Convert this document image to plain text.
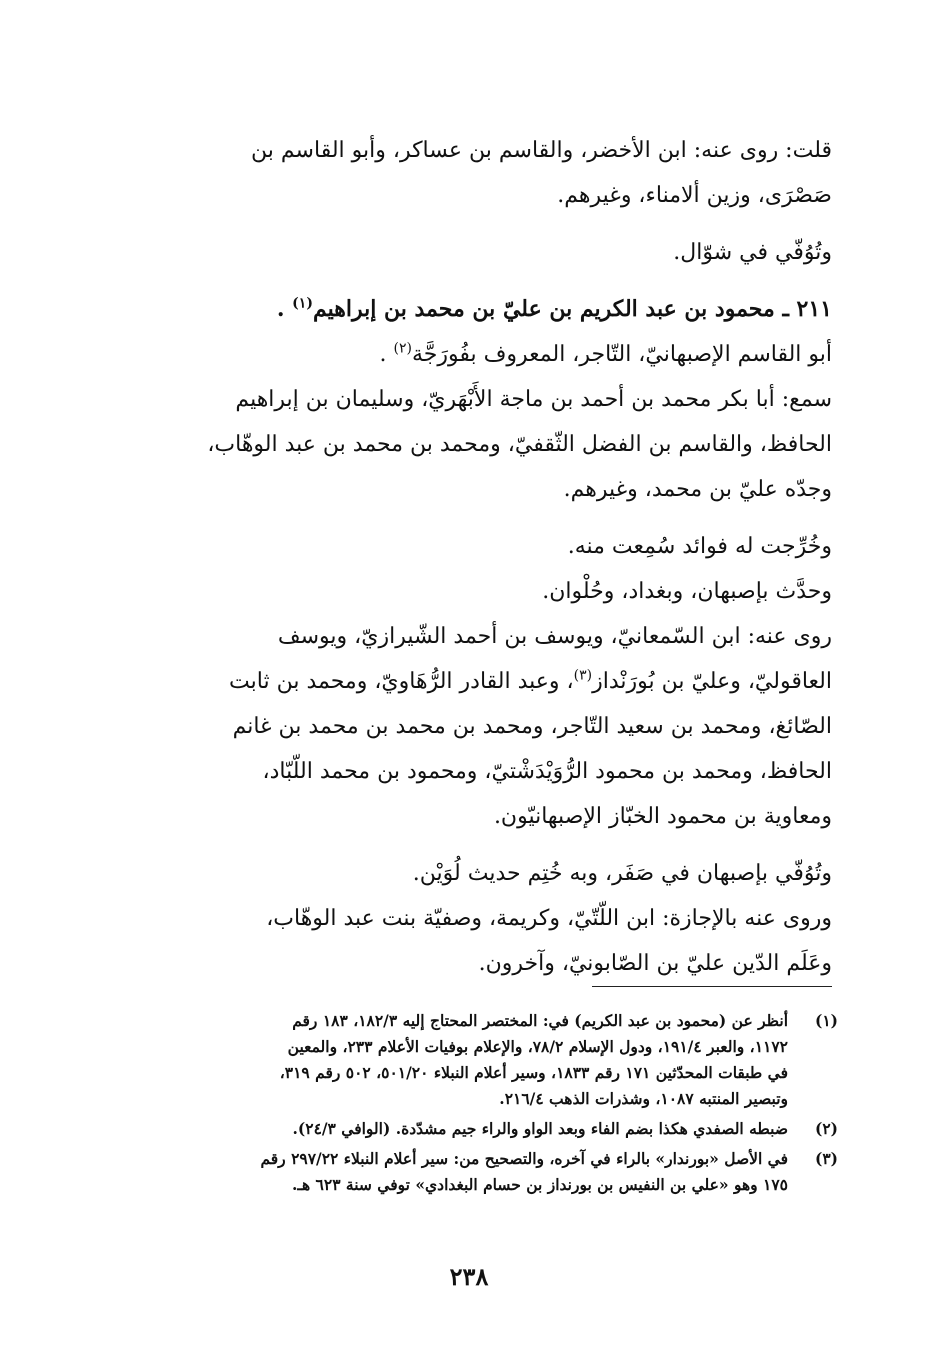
قلت: روى عنه: ابن الأخضر، والقاسم بن عساكر، وأبو القاسم بن
صَصْرَى، وزين ألامناء، وغيرهم.
وتُوُفّي في شوّال.
٢١١ ـ محمود بن عبد الكريم بن عليّ بن محمد بن إبراهيم$^{(١)}$ .
أبو القاسم الإصبهانيّ، التّاجر، المعروف بفُورَجَّة$^{(٢)}$ .
سمع: أبا بكر محمد بن أحمد بن ماجة الأَبْهَريّ، وسليمان بن إبراهيم
الحافظ، والقاسم بن الفضل الثّقفيّ، ومحمد بن محمد بن عبد الوهّاب،
وجدّه عليّ بن محمد، وغيرهم.
وخُرِّجت له فوائد سُمِعت منه.
وحدَّث بإصبهان، وبغداد، وحُلْوان.
روى عنه: ابن السّمعانيّ، ويوسف بن أحمد الشّيرازيّ، ويوسف
العاقوليّ، وعليّ بن بُورَنْداز$^{(٣)}$، وعبد القادر الرُّهَاويّ، ومحمد بن ثابت
الصّائغ، ومحمد بن سعيد التّاجر، ومحمد بن محمد بن محمد بن غانم
الحافظ، ومحمد بن محمود الرُّوَيْدَشْتيّ، ومحمود بن محمد اللّبّاد،
ومعاوية بن محمود الخبّاز الإصبهانيّون.
وتُوُفّي بإصبهان في صَفَر، وبه خُتِم حديث لُوَيْن.
وروى عنه بالإجازة: ابن اللّتّيّ، وكريمة، وصفيّة بنت عبد الوهّاب،
وعَلَم الدّين عليّ بن الصّابونيّ، وآخرون.
(١)
أنظر عن (محمود بن عبد الكريم) في: المختصر المحتاج إليه ١٨٢/٣، ١٨٣ رقم
١١٧٢، والعبر ١٩١/٤، ودول الإسلام ٧٨/٢، والإعلام بوفيات الأعلام ٢٣٣، والمعين
في طبقات المحدّثين ١٧١ رقم ١٨٣٣، وسير أعلام النبلاء ٥٠١/٢٠، ٥٠٢ رقم ٣١٩،
وتبصير المنتبه ١٠٨٧، وشذرات الذهب ٢١٦/٤.
(٢)
ضبطه الصفدي هكذا بضم الفاء وبعد الواو والراء جيم مشدّدة. (الوافي ٢٤/٣).
(٣)
في الأصل «بورندار» بالراء في آخره، والتصحيح من: سير أعلام النبلاء ٢٩٧/٢٢ رقم
١٧٥ وهو «علي بن النفيس بن بورنداز بن حسام البغدادي» توفي سنة ٦٢٣ هـ.
٢٣٨
